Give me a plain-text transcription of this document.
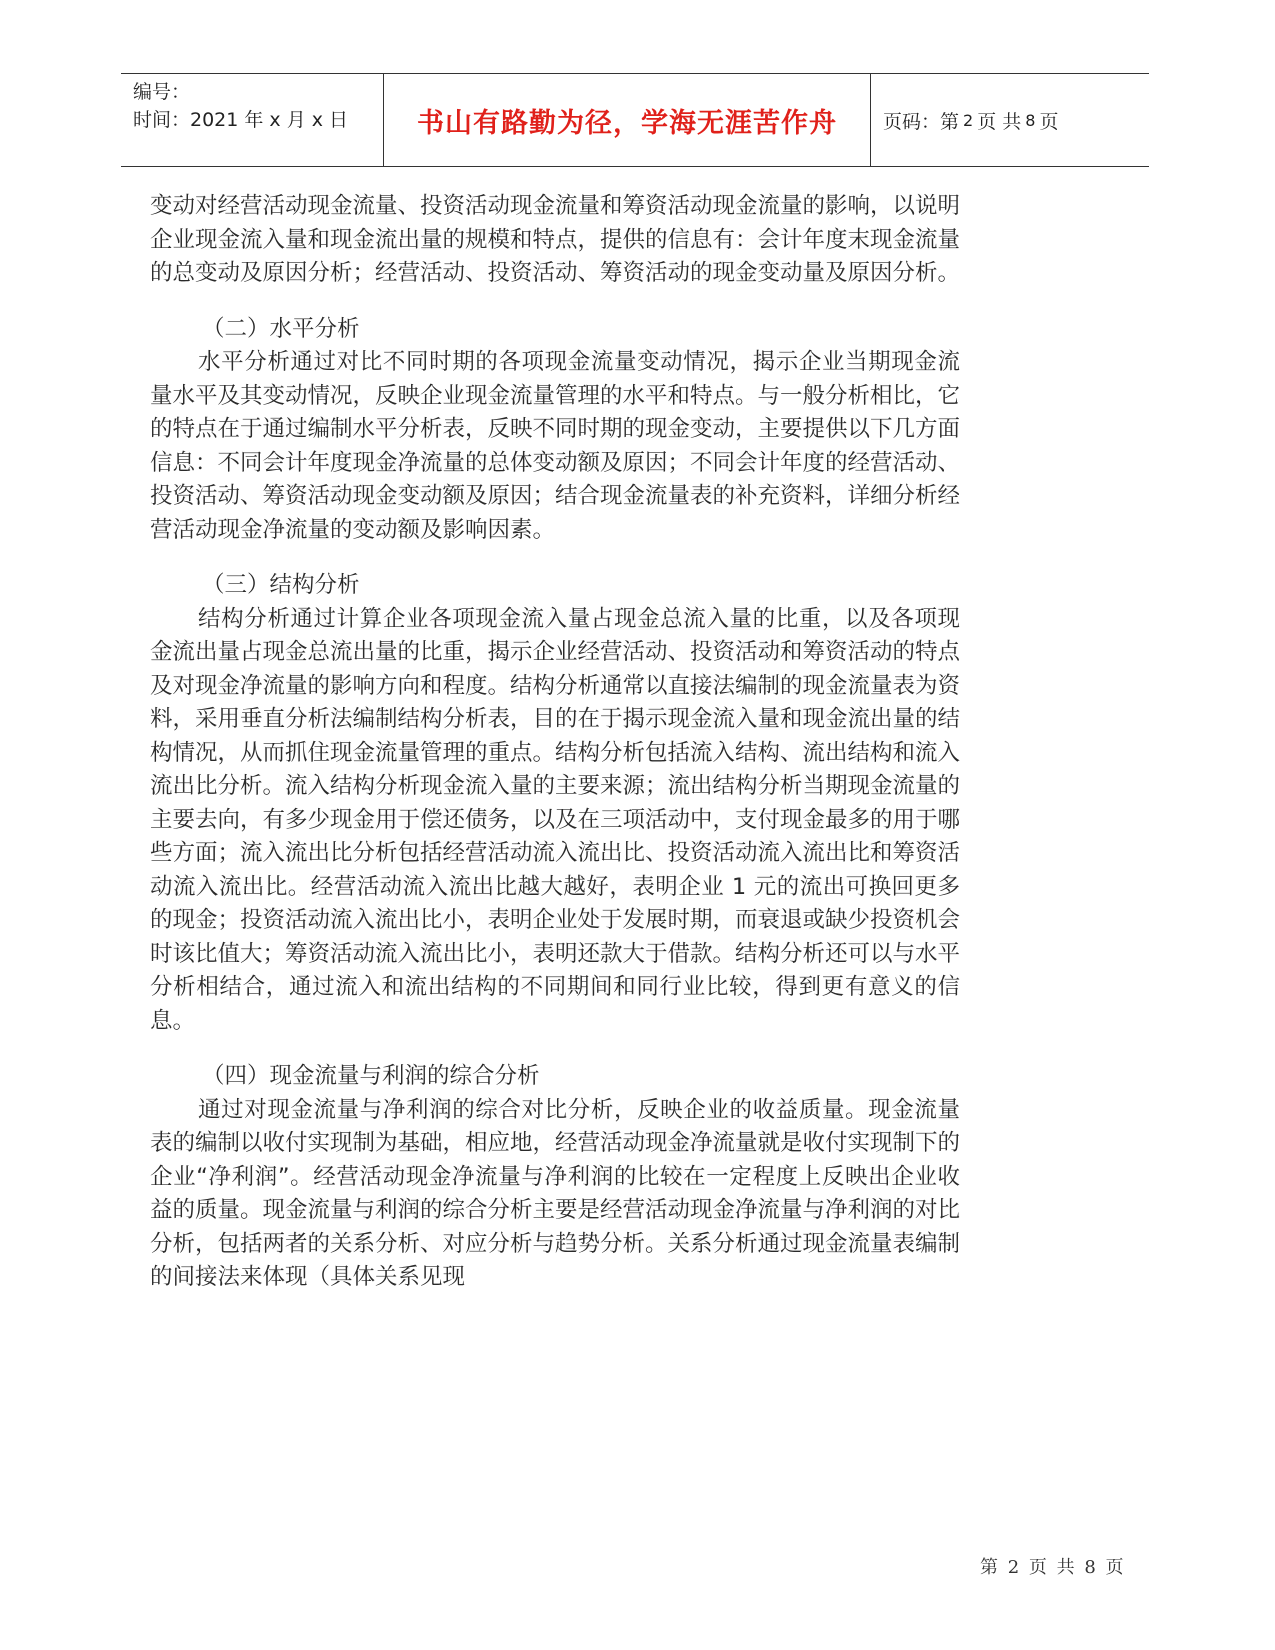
编号：
时间：2021 年 x 月 x 日	书山有路勤为径，学海无涯苦作舟	页码：第 2 页 共 8 页

变动对经营活动现金流量、投资活动现金流量和筹资活动现金流量的影响，以说明企业现金流入量和现金流出量的规模和特点，提供的信息有：会计年度末现金流量的总变动及原因分析；经营活动、投资活动、筹资活动的现金变动量及原因分析。

（二）水平分析

水平分析通过对比不同时期的各项现金流量变动情况，揭示企业当期现金流量水平及其变动情况，反映企业现金流量管理的水平和特点。与一般分析相比，它的特点在于通过编制水平分析表，反映不同时期的现金变动，主要提供以下几方面信息：不同会计年度现金净流量的总体变动额及原因；不同会计年度的经营活动、投资活动、筹资活动现金变动额及原因；结合现金流量表的补充资料，详细分析经营活动现金净流量的变动额及影响因素。

（三）结构分析

结构分析通过计算企业各项现金流入量占现金总流入量的比重，以及各项现金流出量占现金总流出量的比重，揭示企业经营活动、投资活动和筹资活动的特点及对现金净流量的影响方向和程度。结构分析通常以直接法编制的现金流量表为资料，采用垂直分析法编制结构分析表，目的在于揭示现金流入量和现金流出量的结构情况，从而抓住现金流量管理的重点。结构分析包括流入结构、流出结构和流入流出比分析。流入结构分析现金流入量的主要来源；流出结构分析当期现金流量的主要去向，有多少现金用于偿还债务，以及在三项活动中，支付现金最多的用于哪些方面；流入流出比分析包括经营活动流入流出比、投资活动流入流出比和筹资活动流入流出比。经营活动流入流出比越大越好，表明企业 1 元的流出可换回更多的现金；投资活动流入流出比小，表明企业处于发展时期，而衰退或缺少投资机会时该比值大；筹资活动流入流出比小，表明还款大于借款。结构分析还可以与水平分析相结合，通过流入和流出结构的不同期间和同行业比较，得到更有意义的信息。

（四）现金流量与利润的综合分析

通过对现金流量与净利润的综合对比分析，反映企业的收益质量。现金流量表的编制以收付实现制为基础，相应地，经营活动现金净流量就是收付实现制下的企业“净利润”。经营活动现金净流量与净利润的比较在一定程度上反映出企业收益的质量。现金流量与利润的综合分析主要是经营活动现金净流量与净利润的对比分析，包括两者的关系分析、对应分析与趋势分析。关系分析通过现金流量表编制的间接法来体现（具体关系见现

第 2 页 共 8 页
